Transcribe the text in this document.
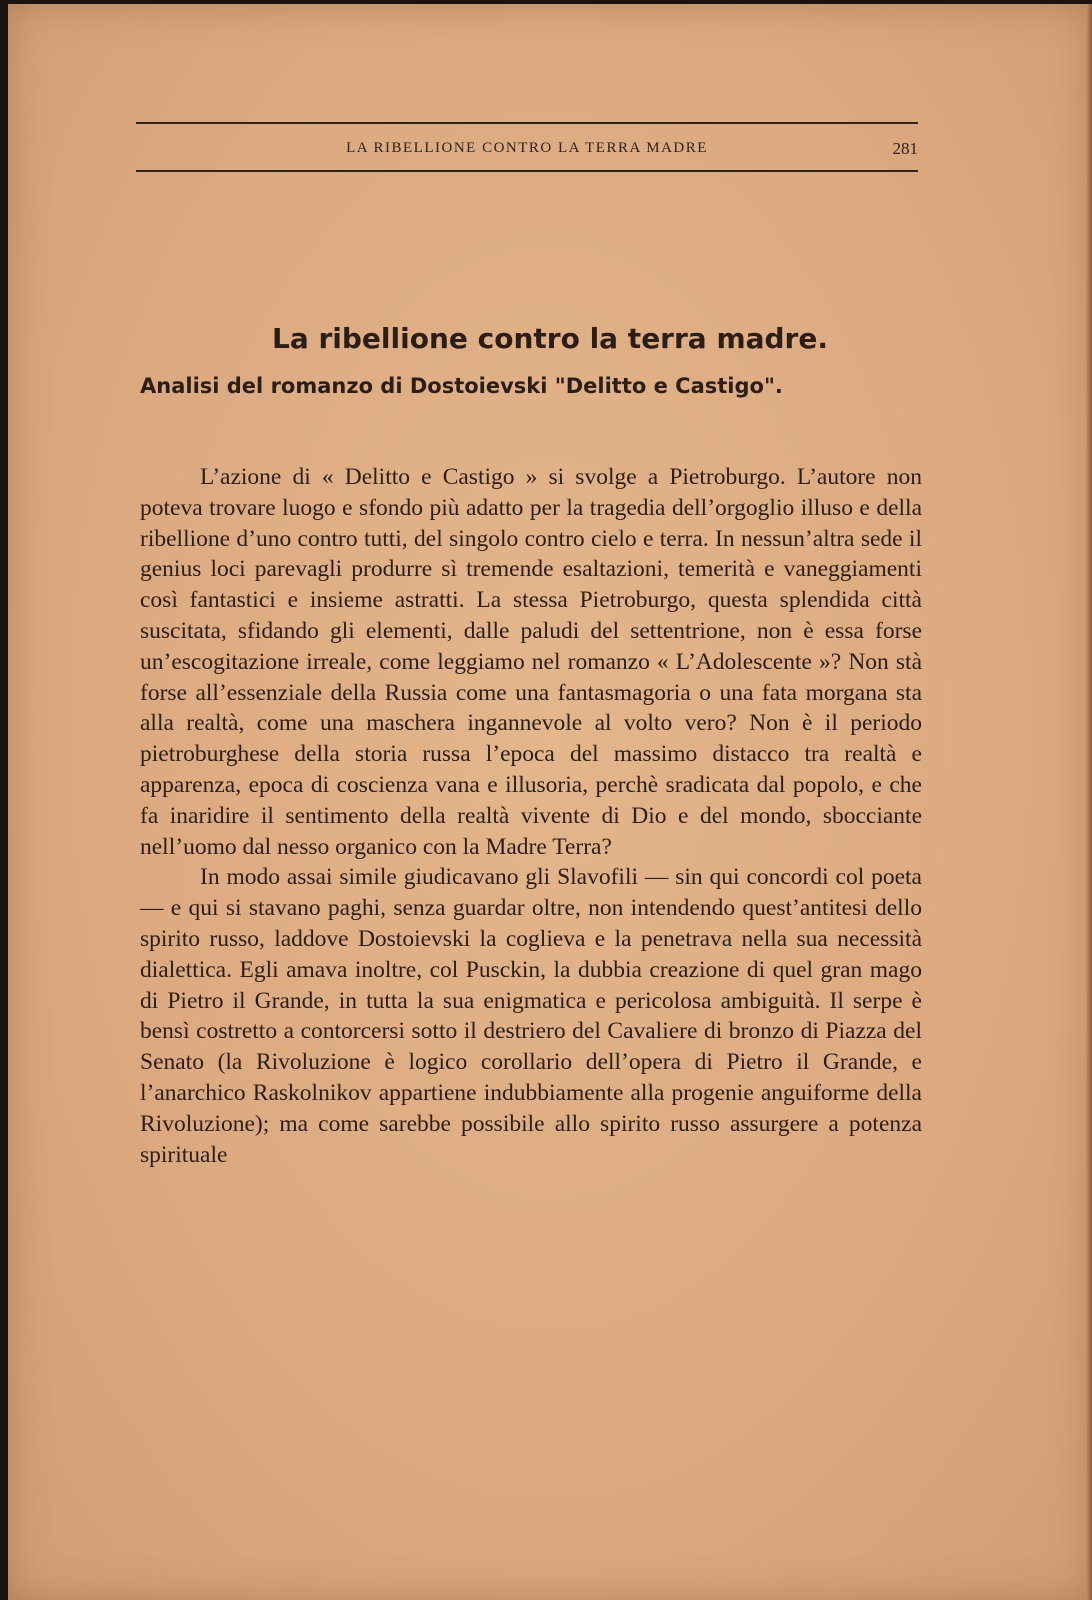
LA RIBELLIONE CONTRO LA TERRA MADRE	281
La ribellione contro la terra madre.
Analisi del romanzo di Dostoievski "Delitto e Castigo".

L’azione di « Delitto e Castigo » si svolge a Pietroburgo. L’autore non poteva trovare luogo e sfondo più adatto per la tragedia dell’orgoglio illuso e della ribellione d’uno contro tutti, del singolo contro cielo e terra. In nessun’altra sede il genius loci parevagli produrre sì tremende esaltazioni, temerità e vaneggiamenti così fantastici e insieme astratti. La stessa Pietroburgo, questa splendida città suscitata, sfidando gli elementi, dalle paludi del settentrione, non è essa forse un’escogitazione irreale, come leggiamo nel romanzo « L’Adolescente »? Non stà forse all’essenziale della Russia come una fantasmagoria o una fata morgana sta alla realtà, come una maschera ingannevole al volto vero? Non è il periodo pietroburghese della storia russa l’epoca del massimo distacco tra realtà e apparenza, epoca di coscienza vana e illusoria, perchè sradicata dal popolo, e che fa inaridire il sentimento della realtà vivente di Dio e del mondo, sbocciante nell’uomo dal nesso organico con la Madre Terra?

In modo assai simile giudicavano gli Slavofili — sin qui concordi col poeta — e qui si stavano paghi, senza guardar oltre, non intendendo quest’antitesi dello spirito russo, laddove Dostoievski la coglieva e la penetrava nella sua necessità dialettica. Egli amava inoltre, col Pusckin, la dubbia creazione di quel gran mago di Pietro il Grande, in tutta la sua enigmatica e pericolosa ambiguità. Il serpe è bensì costretto a contorcersi sotto il destriero del Cavaliere di bronzo di Piazza del Senato (la Rivoluzione è logico corollario dell’opera di Pietro il Grande, e l’anarchico Raskolnikov appartiene indubbiamente alla progenie anguiforme della Rivoluzione); ma come sarebbe possibile allo spirito russo assurgere a potenza spirituale
